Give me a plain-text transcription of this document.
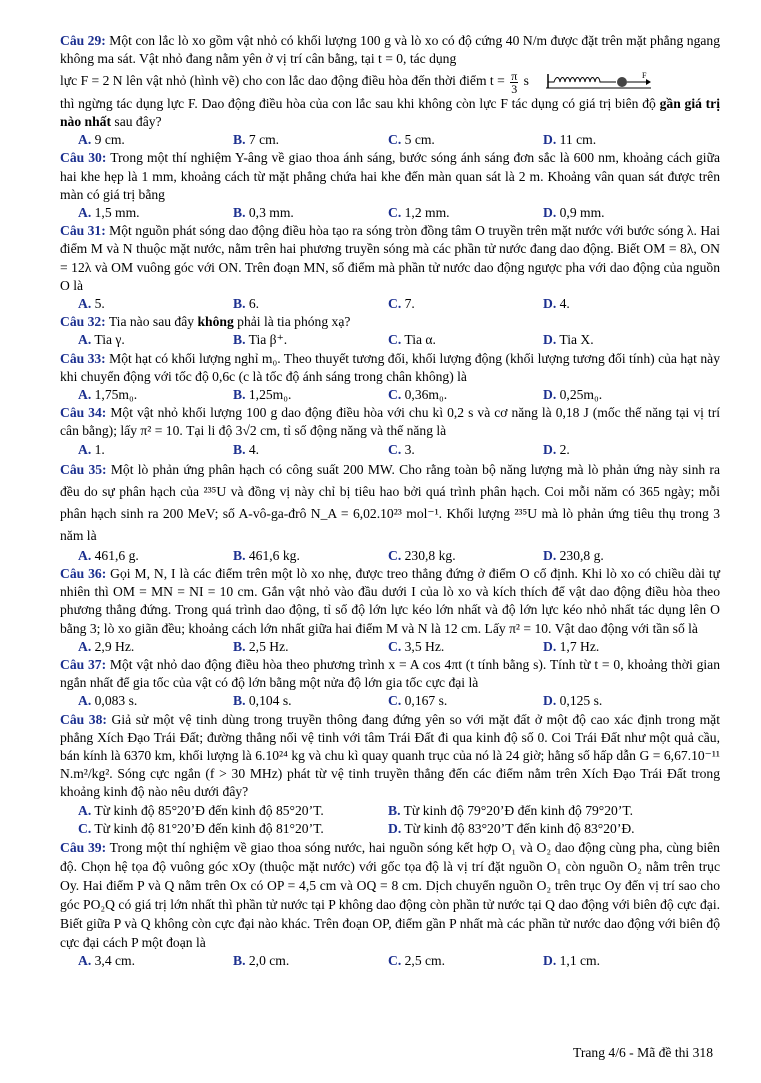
Câu 29: Một con lắc lò xo gồm vật nhỏ có khối lượng 100 g và lò xo có độ cứng 40 N/m được đặt trên mặt phẳng ngang không ma sát. Vật nhỏ đang nằm yên ở vị trí cân bằng, tại t = 0, tác dụng

lực F = 2 N lên vật nhỏ (hình vẽ) cho con lắc dao động điều hòa đến thời điểm $t = \frac{\pi}{3}$ s	F

thì ngừng tác dụng lực F. Dao động điều hòa của con lắc sau khi không còn lực F tác dụng có giá trị biên độ gần giá trị nào nhất sau đây?

A. 9 cm.	B. 7 cm.	C. 5 cm.	D. 11 cm.

Câu 30: Trong một thí nghiệm Y-âng về giao thoa ánh sáng, bước sóng ánh sáng đơn sắc là 600 nm, khoảng cách giữa hai khe hẹp là 1 mm, khoảng cách từ mặt phẳng chứa hai khe đến màn quan sát là 2 m. Khoảng vân quan sát được trên màn có giá trị bằng

A. 1,5 mm.	B. 0,3 mm.	C. 1,2 mm.	D. 0,9 mm.

Câu 31: Một nguồn phát sóng dao động điều hòa tạo ra sóng tròn đồng tâm O truyền trên mặt nước với bước sóng λ. Hai điểm M và N thuộc mặt nước, nằm trên hai phương truyền sóng mà các phần tử nước đang dao động. Biết OM = 8λ, ON = 12λ và OM vuông góc với ON. Trên đoạn MN, số điểm mà phần tử nước dao động ngược pha với dao động của nguồn O là

A. 5.	B. 6.	C. 7.	D. 4.

Câu 32: Tia nào sau đây không phải là tia phóng xạ?

A. Tia γ.	B. Tia β⁺.	C. Tia α.	D. Tia X.

Câu 33: Một hạt có khối lượng nghỉ m₀. Theo thuyết tương đối, khối lượng động (khối lượng tương đối tính) của hạt này khi chuyển động với tốc độ 0,6c (c là tốc độ ánh sáng trong chân không) là

A. 1,75m₀.	B. 1,25m₀.	C. 0,36m₀.	D. 0,25m₀.

Câu 34: Một vật nhỏ khối lượng 100 g dao động điều hòa với chu kì 0,2 s và cơ năng là 0,18 J (mốc thế năng tại vị trí cân bằng); lấy π² = 10. Tại li độ 3√2 cm, tỉ số động năng và thế năng là

A. 1.	B. 4.	C. 3.	D. 2.

Câu 35: Một lò phản ứng phân hạch có công suất 200 MW. Cho rằng toàn bộ năng lượng mà lò phản ứng này sinh ra đều do sự phân hạch của ²³⁵U và đồng vị này chỉ bị tiêu hao bởi quá trình phân hạch. Coi mỗi năm có 365 ngày; mỗi phân hạch sinh ra 200 MeV; số A-vô-ga-đrô N_A = 6,02.10²³ mol⁻¹. Khối lượng ²³⁵U mà lò phản ứng tiêu thụ trong 3 năm là

A. 461,6 g.	B. 461,6 kg.	C. 230,8 kg.	D. 230,8 g.

Câu 36: Gọi M, N, I là các điểm trên một lò xo nhẹ, được treo thẳng đứng ở điểm O cố định. Khi lò xo có chiều dài tự nhiên thì OM = MN = NI = 10 cm. Gắn vật nhỏ vào đầu dưới I của lò xo và kích thích để vật dao động điều hòa theo phương thẳng đứng. Trong quá trình dao động, tỉ số độ lớn lực kéo lớn nhất và độ lớn lực kéo nhỏ nhất tác dụng lên O bằng 3; lò xo giãn đều; khoảng cách lớn nhất giữa hai điểm M và N là 12 cm. Lấy π² = 10. Vật dao động với tần số là

A. 2,9 Hz.	B. 2,5 Hz.	C. 3,5 Hz.	D. 1,7 Hz.

Câu 37: Một vật nhỏ dao động điều hòa theo phương trình x = A cos 4πt (t tính bằng s). Tính từ t = 0, khoảng thời gian ngắn nhất để gia tốc của vật có độ lớn bằng một nửa độ lớn gia tốc cực đại là

A. 0,083 s.	B. 0,104 s.	C. 0,167 s.	D. 0,125 s.

Câu 38: Giả sử một vệ tinh dùng trong truyền thông đang đứng yên so với mặt đất ở một độ cao xác định trong mặt phẳng Xích Đạo Trái Đất; đường thẳng nối vệ tinh với tâm Trái Đất đi qua kinh độ số 0. Coi Trái Đất như một quả cầu, bán kính là 6370 km, khối lượng là 6.10²⁴ kg và chu kì quay quanh trục của nó là 24 giờ; hằng số hấp dẫn G = 6,67.10⁻¹¹ N.m²/kg². Sóng cực ngắn (f > 30 MHz) phát từ vệ tinh truyền thẳng đến các điểm nằm trên Xích Đạo Trái Đất trong khoảng kinh độ nào nêu dưới đây?

A. Từ kinh độ 85°20’Đ đến kinh độ 85°20’T.	B. Từ kinh độ 79°20’Đ đến kinh độ 79°20’T.
C. Từ kinh độ 81°20’Đ đến kinh độ 81°20’T.	D. Từ kinh độ 83°20’T đến kinh độ 83°20’Đ.

Câu 39: Trong một thí nghiệm về giao thoa sóng nước, hai nguồn sóng kết hợp O₁ và O₂ dao động cùng pha, cùng biên độ. Chọn hệ tọa độ vuông góc xOy (thuộc mặt nước) với gốc tọa độ là vị trí đặt nguồn O₁ còn nguồn O₂ nằm trên trục Oy. Hai điểm P và Q nằm trên Ox có OP = 4,5 cm và OQ = 8 cm. Dịch chuyển nguồn O₂ trên trục Oy đến vị trí sao cho góc PO₂Q có giá trị lớn nhất thì phần tử nước tại P không dao động còn phần tử nước tại Q dao động với biên độ cực đại. Biết giữa P và Q không còn cực đại nào khác. Trên đoạn OP, điểm gần P nhất mà các phần tử nước dao động với biên độ cực đại cách P một đoạn là

A. 3,4 cm.	B. 2,0 cm.	C. 2,5 cm.	D. 1,1 cm.
Trang 4/6 - Mã đề thi 318
